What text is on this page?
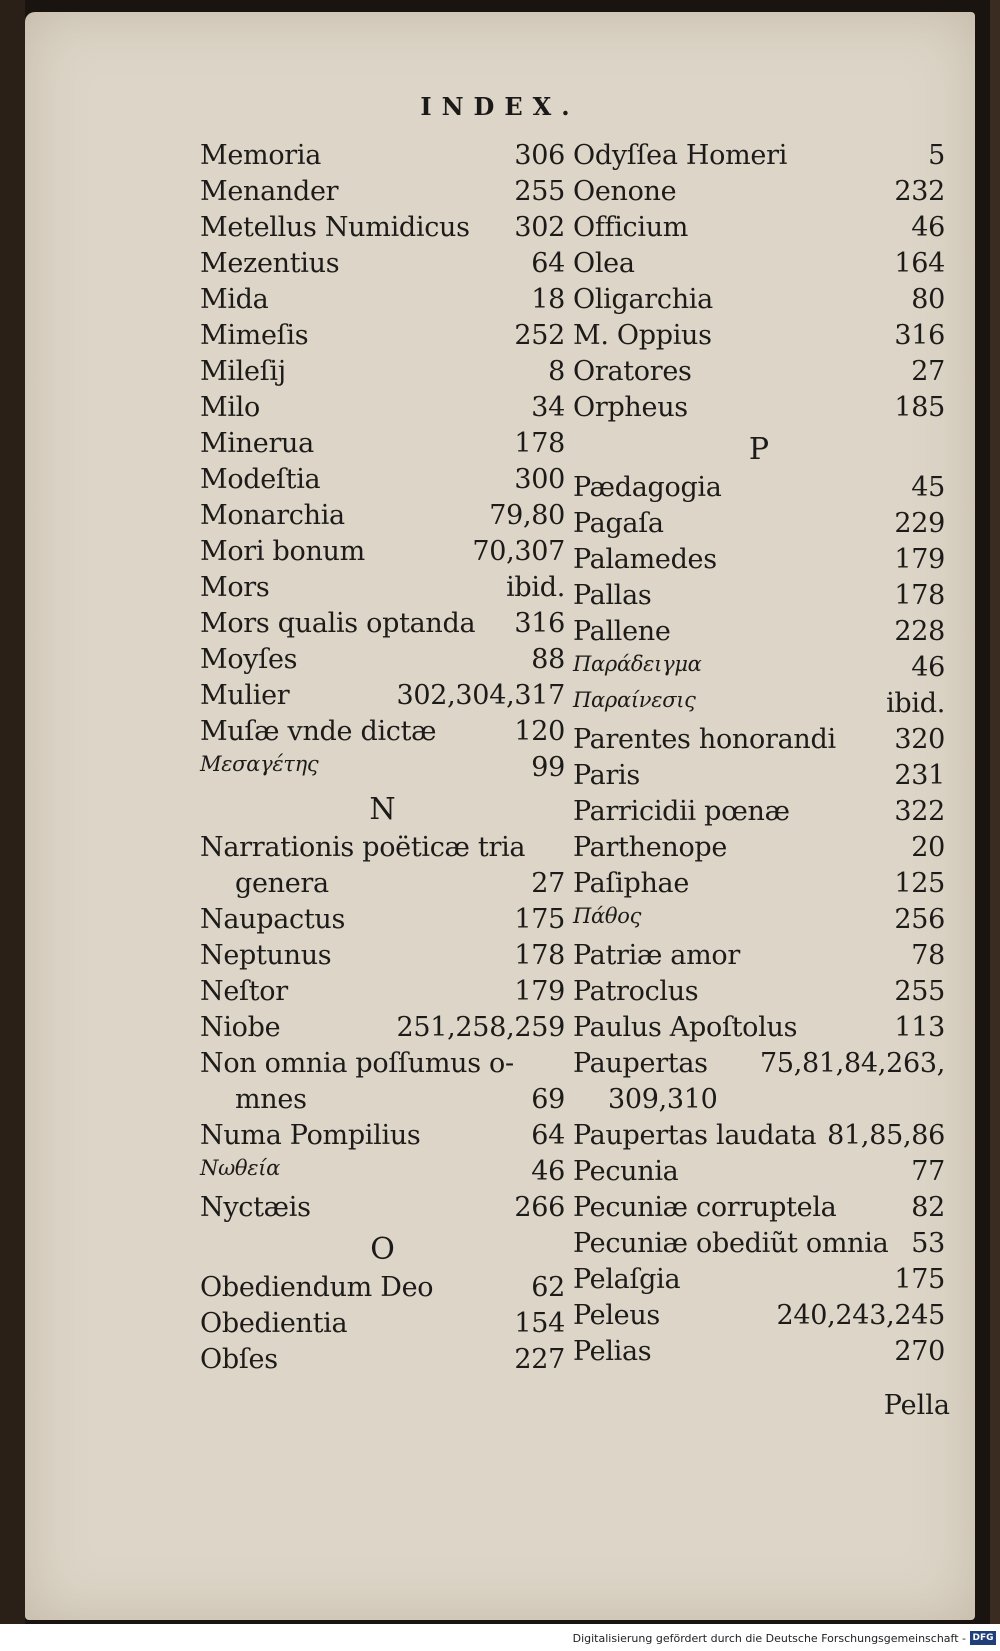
INDEX.
Memoria	306
Menander	255
Metellus Numidicus 302
Mezentius	64
Mida	18
Mimeſis	252
Mileſij	8
Milo	34
Minerua	178
Modeſtia	300
Monarchia	79,80
Mori bonum	70,307
Mors	ibid.
Mors qualis optanda 316
Moyſes	88
Mulier	302,304,317
Muſæ vnde dictæ	120
Μεσαγέτης	99
N
Narrationis poëticæ tria
genera	27
Naupactus	175
Neptunus	178
Neſtor	179
Niobe	251,258,259
Non omnia poſſumus o-
mnes	69
Numa Pompilius	64
Νωθεία	46
Nyctæis	266
O
Obediendum Deo	62
Obedientia	154
Obſes	227
Odyſſea Homeri	5
Oenone	232
Officium	46
Olea	164
Oligarchia	80
M. Oppius	316
Oratores	27
Orpheus	185
P
Pædagogia	45
Pagaſa	229
Palamedes	179
Pallas	178
Pallene	228
Παράδειγμα	46
Παραίνεσις	ibid.
Parentes honorandi 320
Paris	231
Parricidii pœnæ	322
Parthenope	20
Paſiphae	125
Πάθος	256
Patriæ amor	78
Patroclus	255
Paulus Apoſtolus	113
Paupertas 75,81,84,263,
309,310
Paupertas laudata 81,85,86
Pecunia	77
Pecuniæ corruptela	82
Pecuniæ obediũt omnia 53
Pelaſgia	175
Peleus	240,243,245
Pelias	270
Pella
Digitalisierung gefördert durch die Deutsche Forschungsgemeinschaft - DFG
